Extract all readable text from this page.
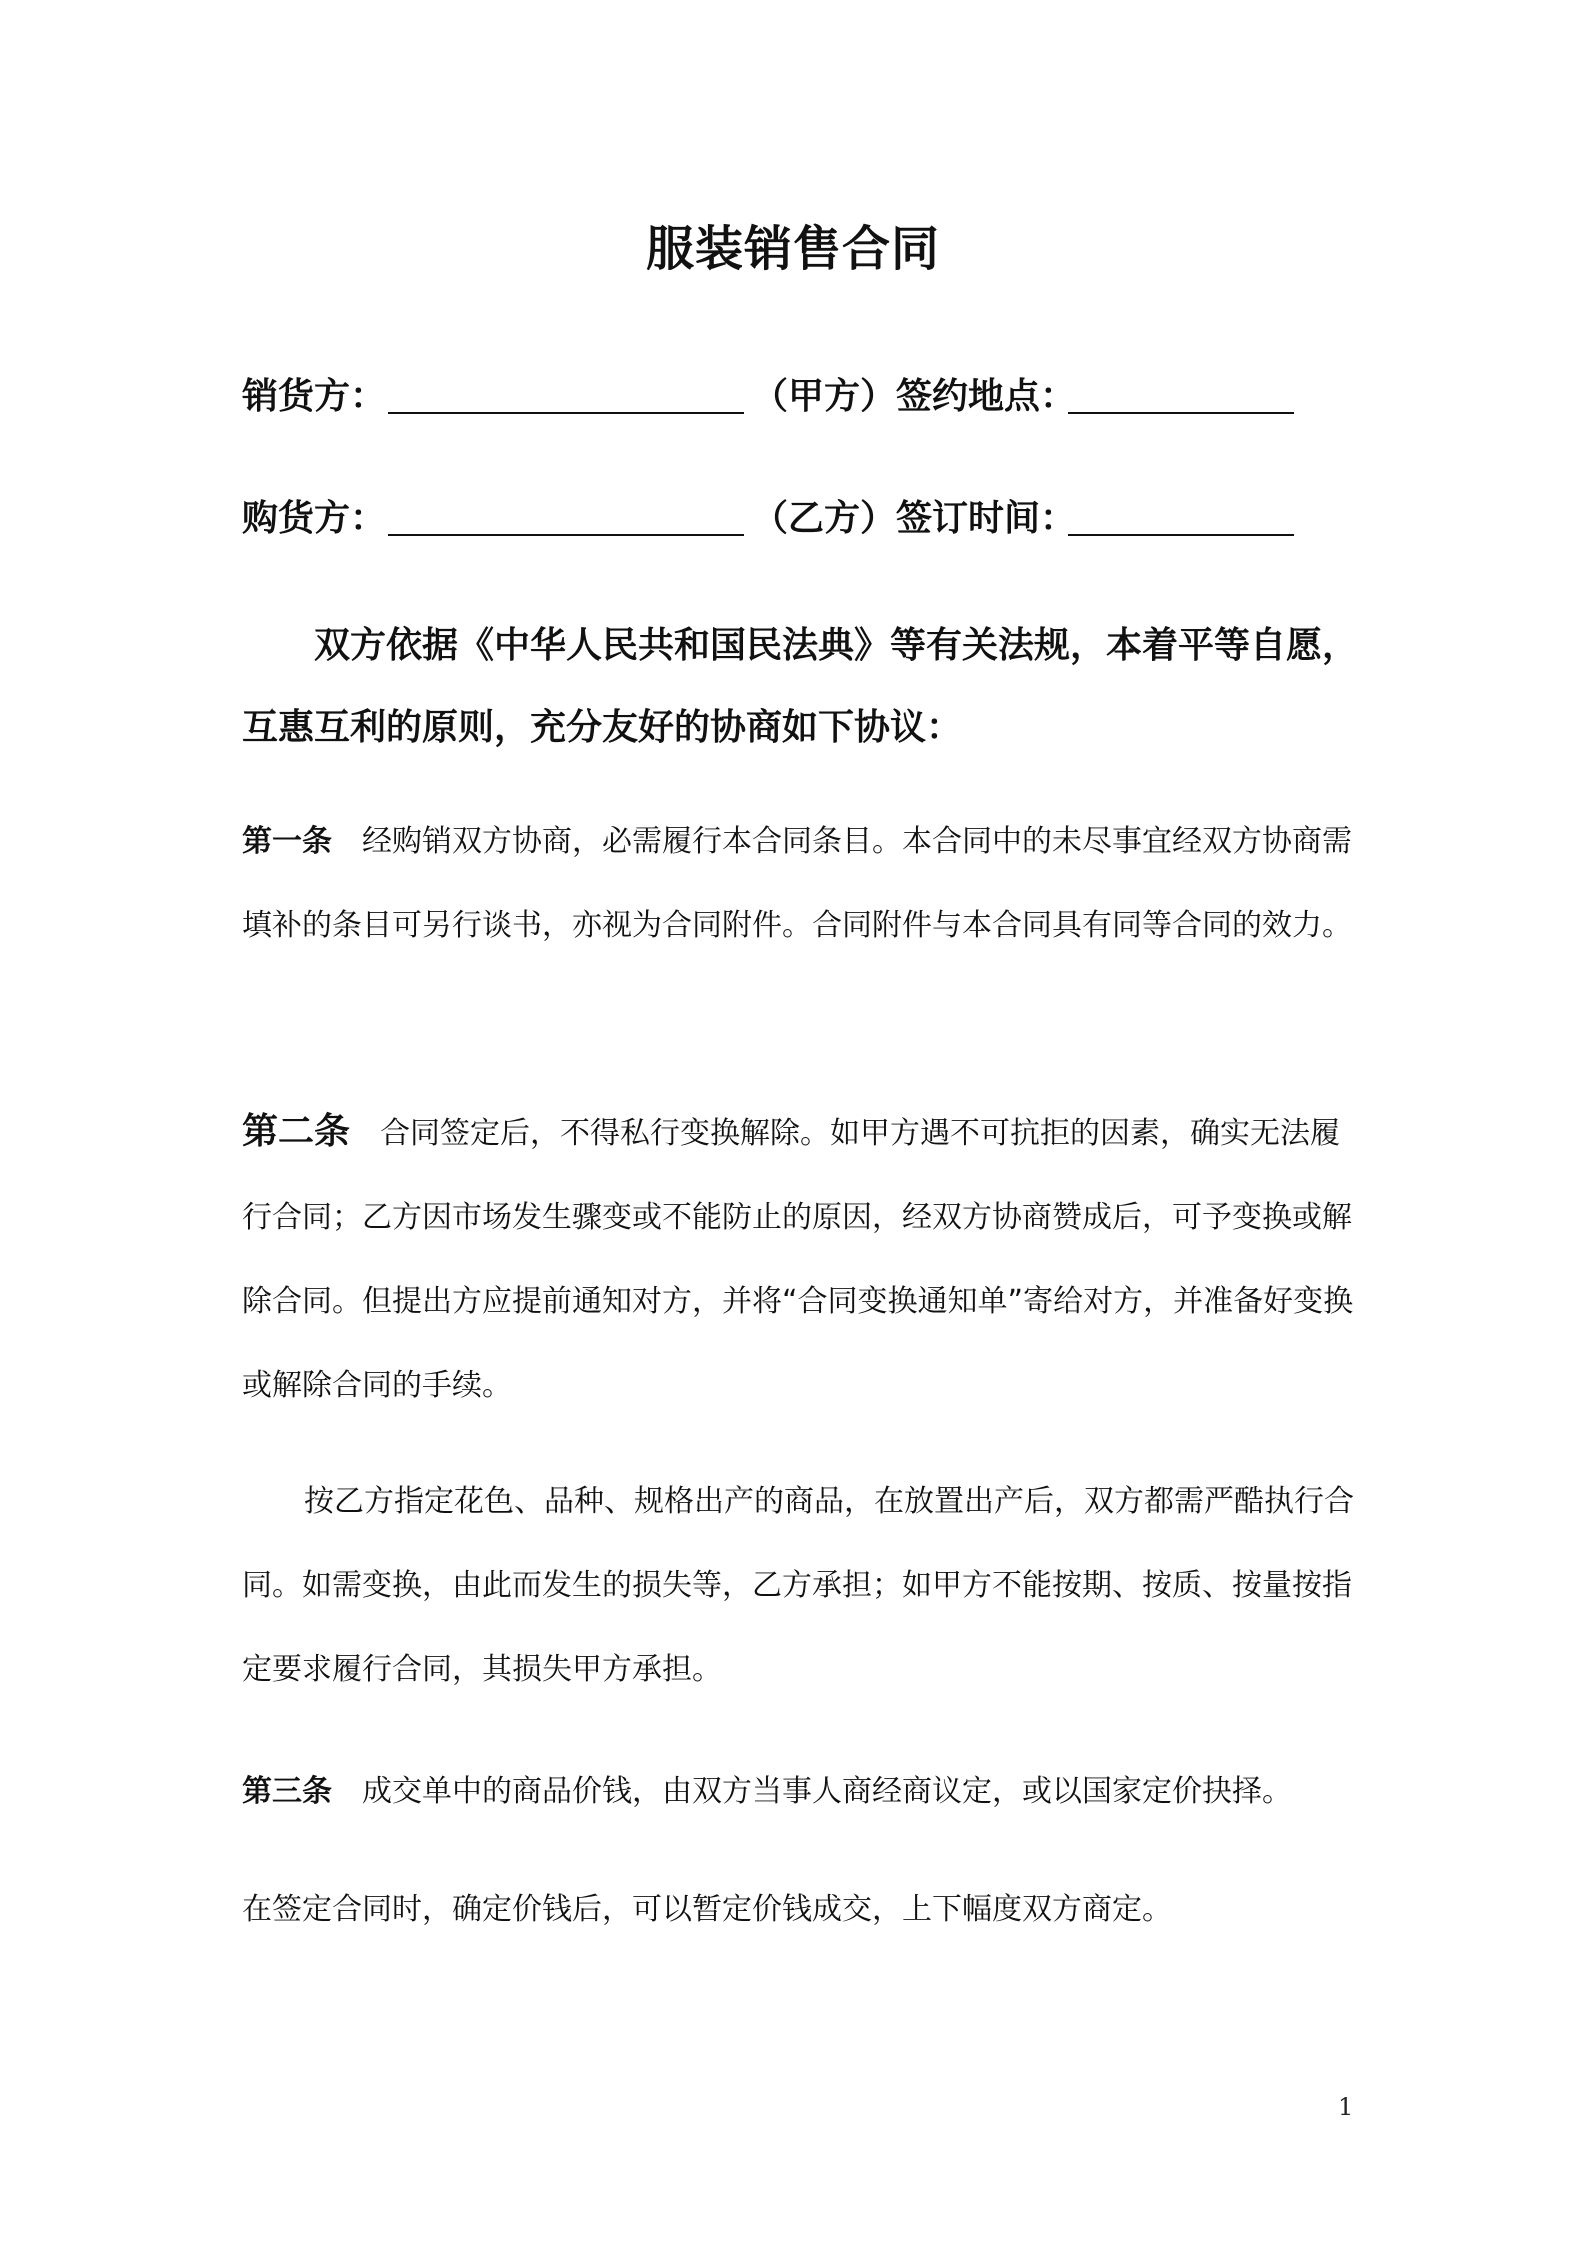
服装销售合同
销货方：	（甲方）签约地点：
购货方：	（乙方）签订时间：
双方依据《中华人民共和国民法典》等有关法规，本着平等自愿，互惠互利的原则，充分友好的协商如下协议：
第一条 经购销双方协商，必需履行本合同条目。本合同中的未尽事宜经双方协商需填补的条目可另行谈书，亦视为合同附件。合同附件与本合同具有同等合同的效力。
第二条 合同签定后，不得私行变换解除。如甲方遇不可抗拒的因素，确实无法履行合同；乙方因市场发生骤变或不能防止的原因，经双方协商赞成后，可予变换或解除合同。但提出方应提前通知对方，并将“合同变换通知单”寄给对方，并准备好变换或解除合同的手续。
按乙方指定花色、品种、规格出产的商品，在放置出产后，双方都需严酷执行合同。如需变换，由此而发生的损失等，乙方承担；如甲方不能按期、按质、按量按指定要求履行合同，其损失甲方承担。
第三条 成交单中的商品价钱，由双方当事人商经商议定，或以国家定价抉择。
在签定合同时，确定价钱后，可以暂定价钱成交，上下幅度双方商定。
1
